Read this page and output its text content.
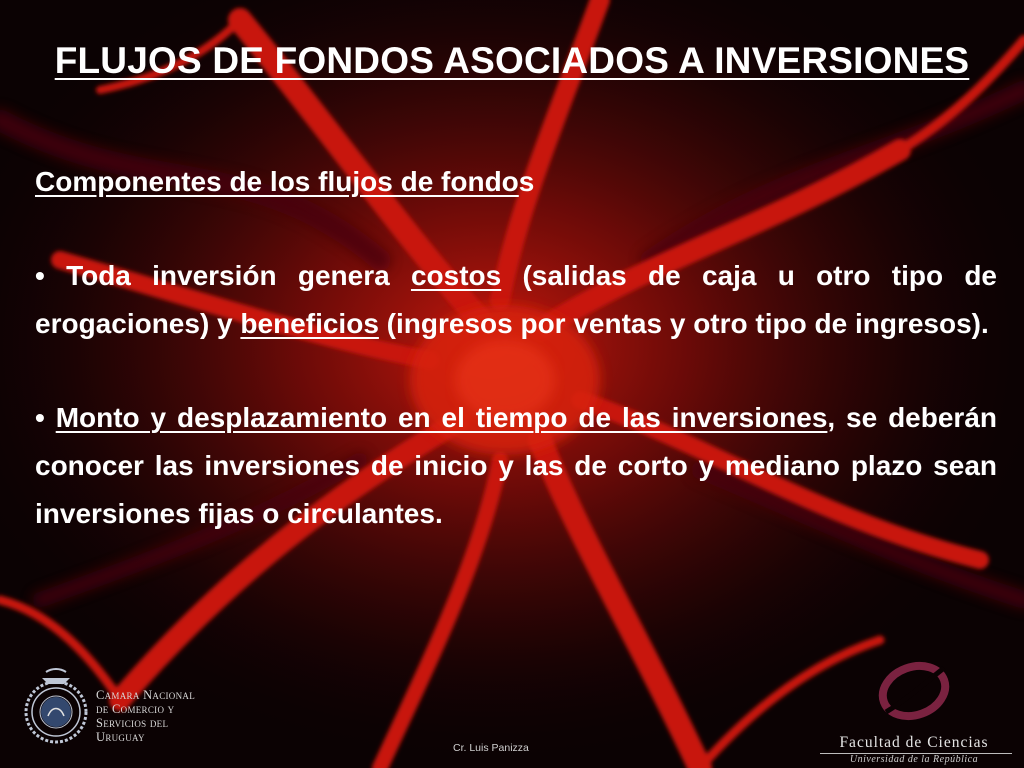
FLUJOS DE FONDOS ASOCIADOS A INVERSIONES

Componentes de los flujos de fondos

• Toda inversión genera costos (salidas de caja u otro tipo de erogaciones) y beneficios (ingresos por ventas y otro tipo de ingresos).

• Monto y desplazamiento en el tiempo de las inversiones, se deberán conocer las inversiones de inicio y las de corto y mediano plazo sean inversiones fijas o circulantes.

Camara Nacional
de Comercio y
Servicios del
Uruguay
Cr. Luis Panizza	Facultad de Ciencias
Universidad de la República
